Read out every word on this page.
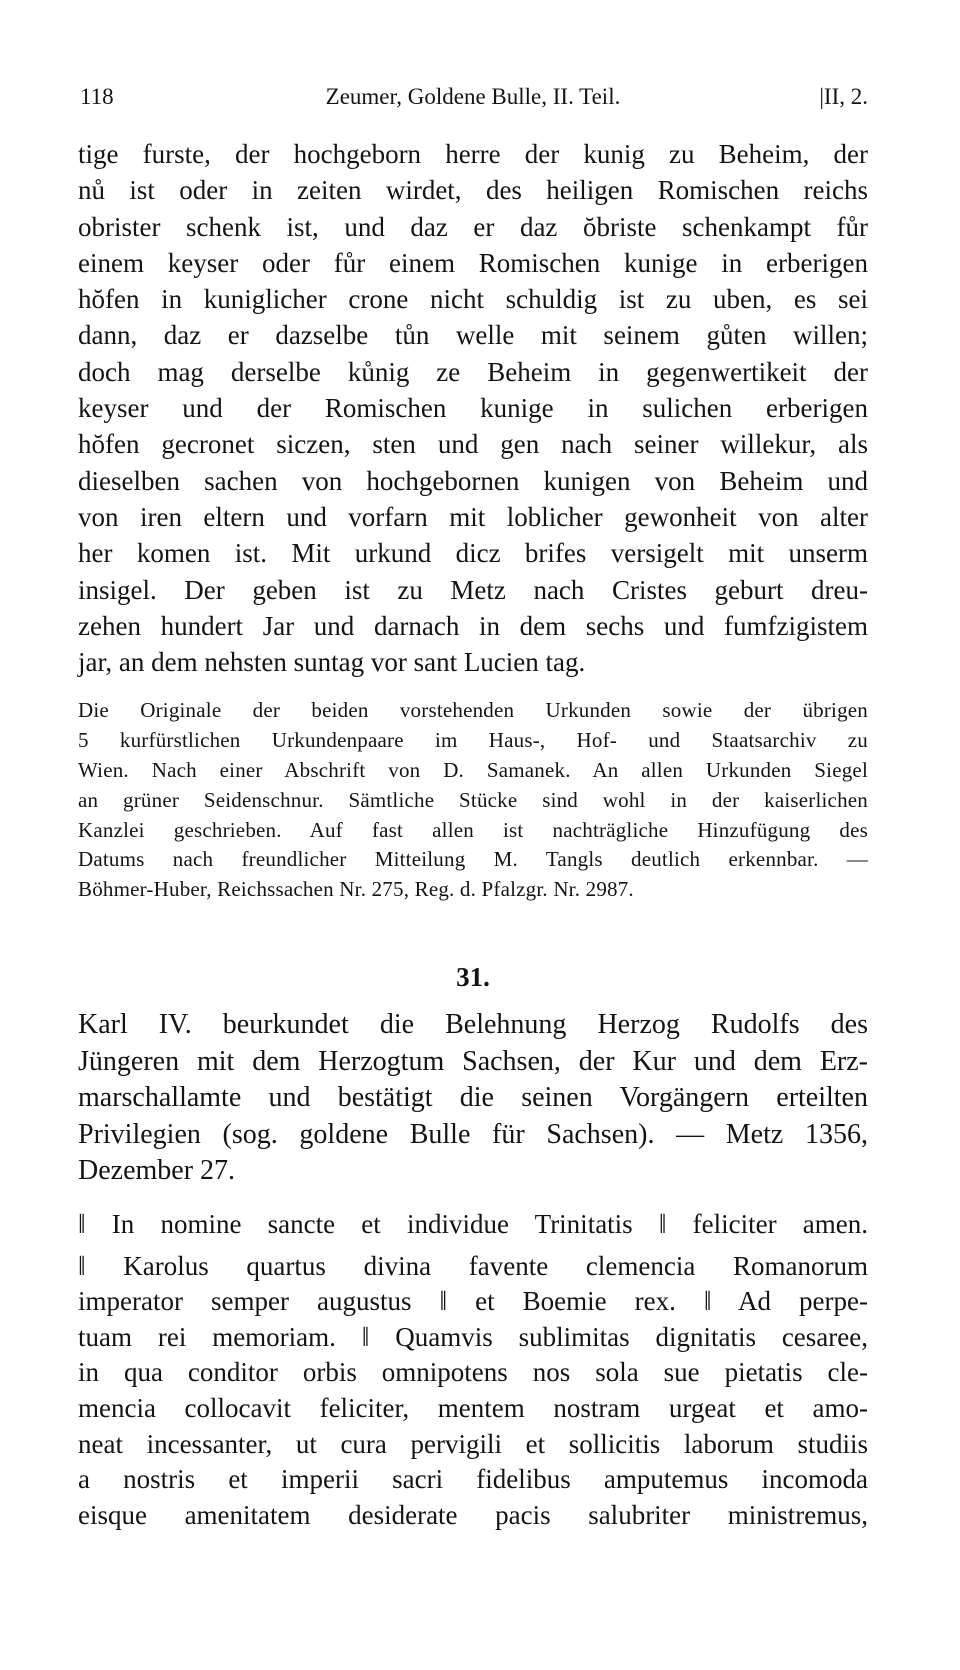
118	Zeumer, Goldene Bulle, II. Teil.	|II, 2.
tige furste, der hochgeborn herre der kunig zu Beheim, der
nů ist oder in zeiten wirdet, des heiligen Romischen reichs
obrister schenk ist, und daz er daz ŏbriste schenkampt fůr
einem keyser oder fůr einem Romischen kunige in erberigen
hŏfen in kuniglicher crone nicht schuldig ist zu uben, es sei
dann, daz er dazselbe tůn welle mit seinem gůten willen;
doch mag derselbe kůnig ze Beheim in gegenwertikeit der
keyser und der Romischen kunige in sulichen erberigen
hŏfen gecronet siczen, sten und gen nach seiner willekur, als
dieselben sachen von hochgebornen kunigen von Beheim und
von iren eltern und vorfarn mit loblicher gewonheit von alter
her komen ist. Mit urkund dicz brifes versigelt mit unserm
insigel. Der geben ist zu Metz nach Cristes geburt dreu-
zehen hundert Jar und darnach in dem sechs und fumfzigistem
jar, an dem nehsten suntag vor sant Lucien tag.
Die Originale der beiden vorstehenden Urkunden sowie der übrigen
5 kurfürstlichen Urkundenpaare im Haus-, Hof- und Staatsarchiv zu
Wien. Nach einer Abschrift von D. Samanek. An allen Urkunden Siegel
an grüner Seidenschnur. Sämtliche Stücke sind wohl in der kaiserlichen
Kanzlei geschrieben. Auf fast allen ist nachträgliche Hinzufügung des
Datums nach freundlicher Mitteilung M. Tangls deutlich erkennbar. —
Böhmer-Huber, Reichssachen Nr. 275, Reg. d. Pfalzgr. Nr. 2987.
31.
Karl IV. beurkundet die Belehnung Herzog Rudolfs des
Jüngeren mit dem Herzogtum Sachsen, der Kur und dem Erz-
marschallamte und bestätigt die seinen Vorgängern erteilten
Privilegien (sog. goldene Bulle für Sachsen). — Metz 1356,
Dezember 27.
‖ In nomine sancte et individue Trinitatis ‖ feliciter amen.
‖ Karolus quartus divina favente clemencia Romanorum
imperator semper augustus ‖ et Boemie rex. ‖ Ad perpe-
tuam rei memoriam. ‖ Quamvis sublimitas dignitatis cesaree,
in qua conditor orbis omnipotens nos sola sue pietatis cle-
mencia collocavit feliciter, mentem nostram urgeat et amo-
neat incessanter, ut cura pervigili et sollicitis laborum studiis
a nostris et imperii sacri fidelibus amputemus incomoda
eisque amenitatem desiderate pacis salubriter ministremus,
